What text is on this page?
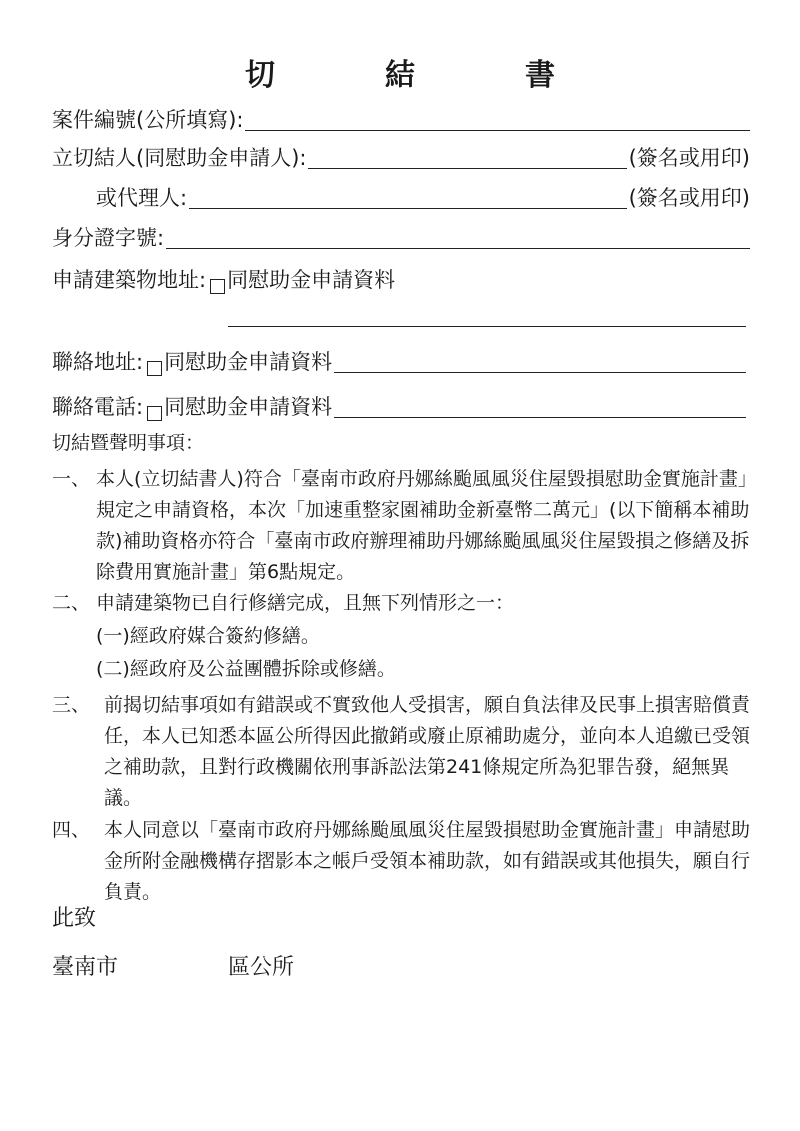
切　結　書
案件編號(公所填寫):
立切結人(同慰助金申請人):	(簽名或用印)
或代理人:	(簽名或用印)
身分證字號:
申請建築物地址: 同慰助金申請資料
聯絡地址: 同慰助金申請資料
聯絡電話: 同慰助金申請資料
切結暨聲明事項：
一、 本人(立切結書人)符合「臺南市政府丹娜絲颱風風災住屋毀損慰助金實施計畫」規定之申請資格，本次「加速重整家園補助金新臺幣二萬元」(以下簡稱本補助款)補助資格亦符合「臺南市政府辦理補助丹娜絲颱風風災住屋毀損之修繕及拆除費用實施計畫」第6點規定。
二、 申請建築物已自行修繕完成，且無下列情形之一：
(一)經政府媒合簽約修繕。
(二)經政府及公益團體拆除或修繕。
三、 前揭切結事項如有錯誤或不實致他人受損害，願自負法律及民事上損害賠償責任，本人已知悉本區公所得因此撤銷或廢止原補助處分，並向本人追繳已受領之補助款，且對行政機關依刑事訴訟法第241條規定所為犯罪告發，絕無異議。
四、 本人同意以「臺南市政府丹娜絲颱風風災住屋毀損慰助金實施計畫」申請慰助金所附金融機構存摺影本之帳戶受領本補助款，如有錯誤或其他損失，願自行負責。
此致
臺南市	區公所
